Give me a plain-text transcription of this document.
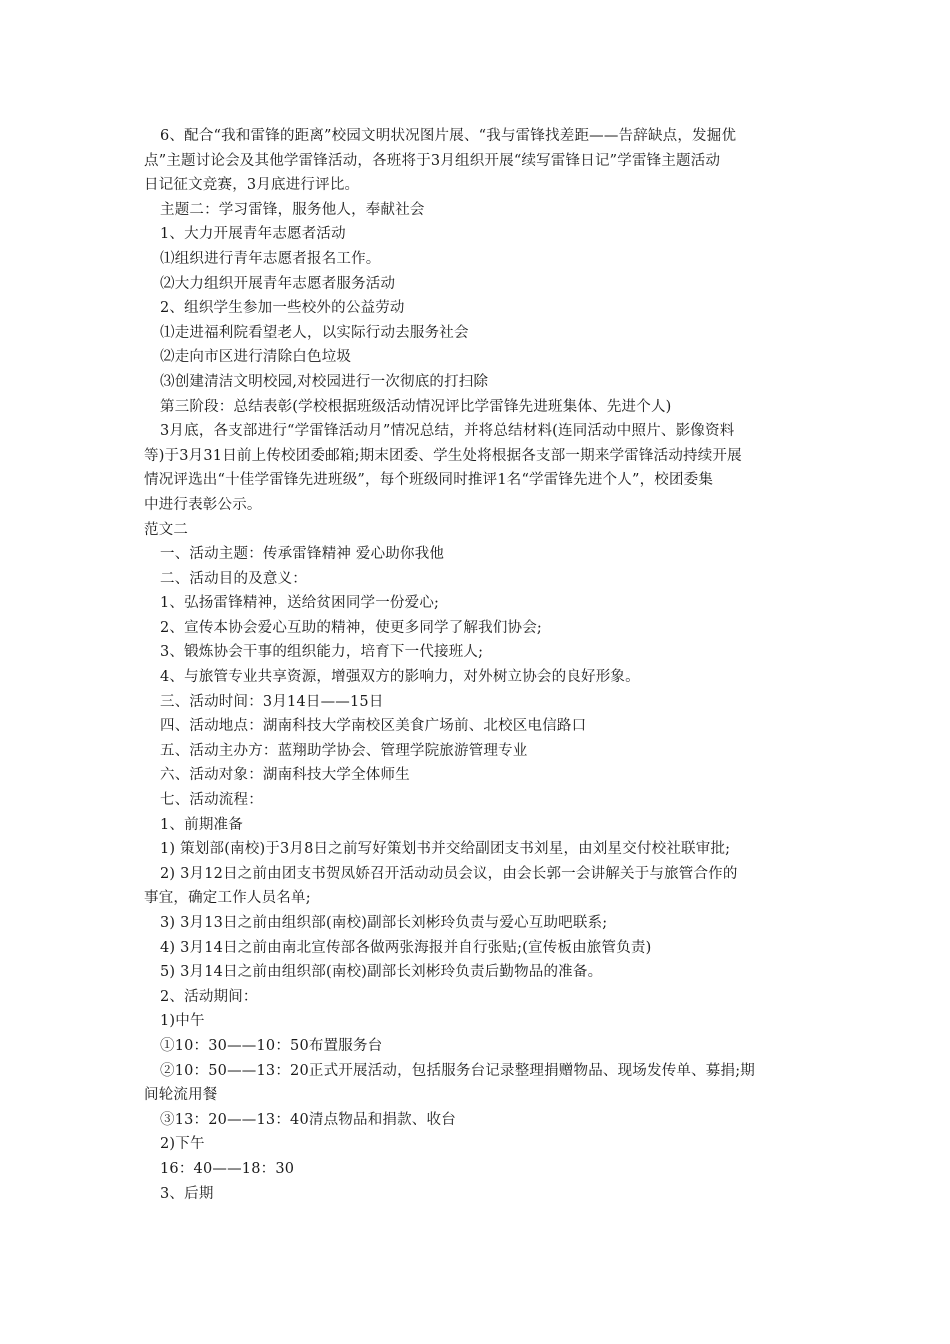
6、配合“我和雷锋的距离”校园文明状况图片展、“我与雷锋找差距——告辞缺点，发掘优
点”主题讨论会及其他学雷锋活动，各班将于3月组织开展“续写雷锋日记”学雷锋主题活动
日记征文竞赛，3月底进行评比。
主题二：学习雷锋，服务他人，奉献社会
1、大力开展青年志愿者活动
⑴组织进行青年志愿者报名工作。
⑵大力组织开展青年志愿者服务活动
2、组织学生参加一些校外的公益劳动
⑴走进福利院看望老人，以实际行动去服务社会
⑵走向市区进行清除白色垃圾
⑶创建清洁文明校园,对校园进行一次彻底的打扫除
第三阶段：总结表彰(学校根据班级活动情况评比学雷锋先进班集体、先进个人)
3月底，各支部进行“学雷锋活动月”情况总结，并将总结材料(连同活动中照片、影像资料
等)于3月31日前上传校团委邮箱;期末团委、学生处将根据各支部一期来学雷锋活动持续开展
情况评选出“十佳学雷锋先进班级”，每个班级同时推评1名“学雷锋先进个人”，校团委集
中进行表彰公示。
范文二
一、活动主题：传承雷锋精神 爱心助你我他
二、活动目的及意义：
1、弘扬雷锋精神，送给贫困同学一份爱心;
2、宣传本协会爱心互助的精神，使更多同学了解我们协会;
3、锻炼协会干事的组织能力，培育下一代接班人;
4、与旅管专业共享资源，增强双方的影响力，对外树立协会的良好形象。
三、活动时间：3月14日——15日
四、活动地点：湖南科技大学南校区美食广场前、北校区电信路口
五、活动主办方：蓝翔助学协会、管理学院旅游管理专业
六、活动对象：湖南科技大学全体师生
七、活动流程：
1、前期准备
1) 策划部(南校)于3月8日之前写好策划书并交给副团支书刘星，由刘星交付校社联审批;
2) 3月12日之前由团支书贺凤娇召开活动动员会议，由会长郭一会讲解关于与旅管合作的
事宜，确定工作人员名单;
3) 3月13日之前由组织部(南校)副部长刘彬玲负责与爱心互助吧联系;
4) 3月14日之前由南北宣传部各做两张海报并自行张贴;(宣传板由旅管负责)
5) 3月14日之前由组织部(南校)副部长刘彬玲负责后勤物品的准备。
2、活动期间：
1)中午
①10：30——10：50布置服务台
②10：50——13：20正式开展活动，包括服务台记录整理捐赠物品、现场发传单、募捐;期
间轮流用餐
③13：20——13：40清点物品和捐款、收台
2)下午
16：40——18：30
3、后期
